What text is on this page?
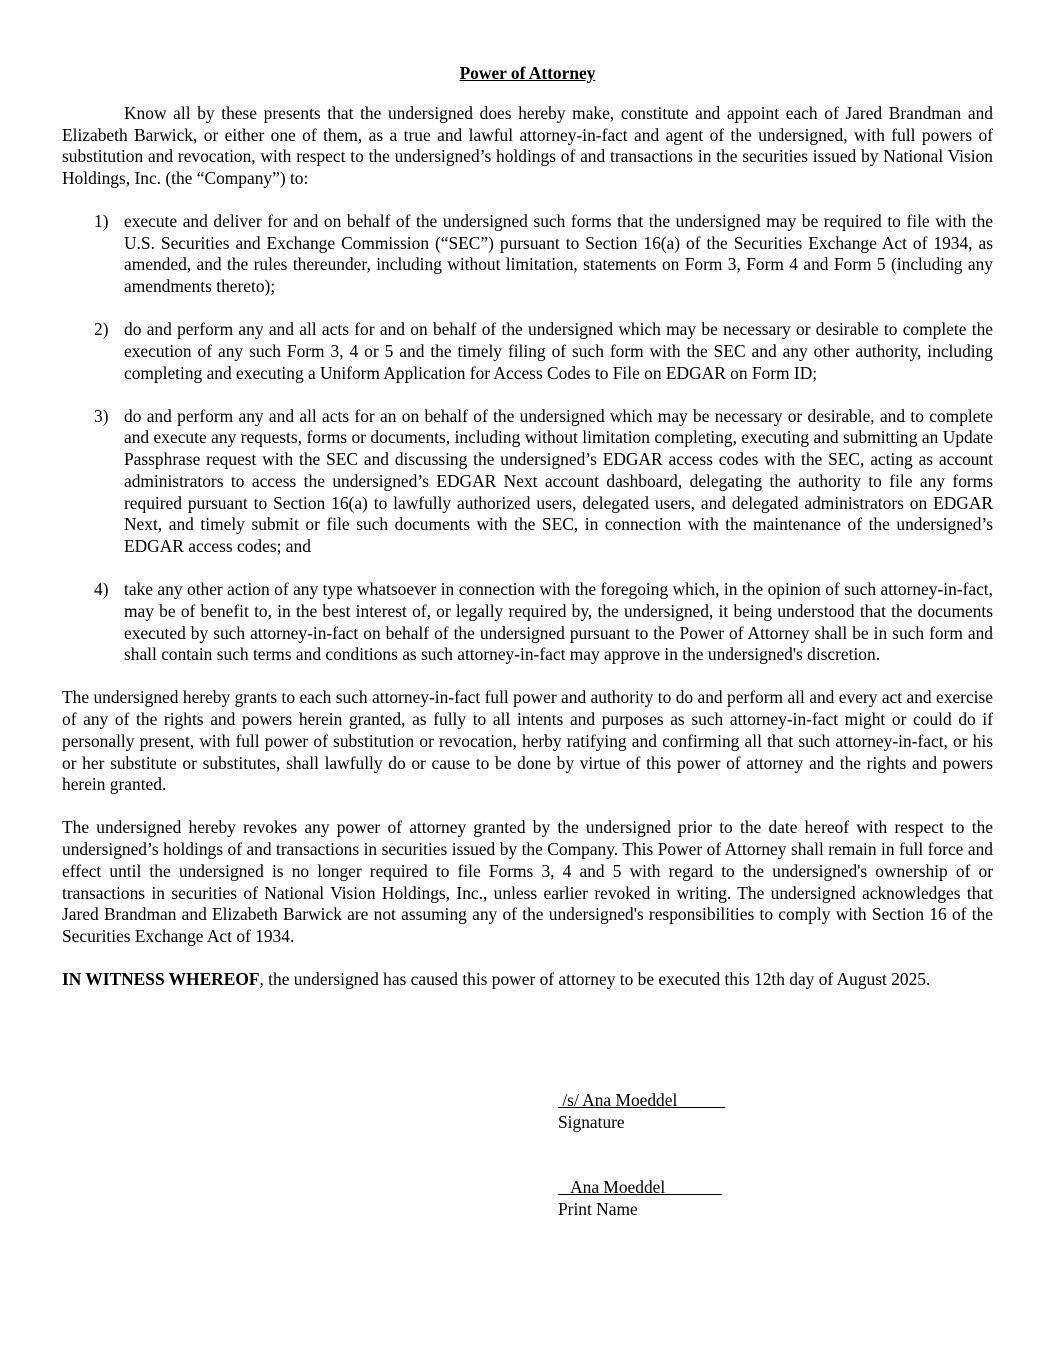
Power of Attorney

Know all by these presents that the undersigned does hereby make, constitute and appoint each of Jared Brandman and Elizabeth Barwick, or either one of them, as a true and lawful attorney-in-fact and agent of the undersigned, with full powers of substitution and revocation, with respect to the undersigned’s holdings of and transactions in the securities issued by National Vision Holdings, Inc. (the “Company”) to:

1) execute and deliver for and on behalf of the undersigned such forms that the undersigned may be required to file with the U.S. Securities and Exchange Commission (“SEC”) pursuant to Section 16(a) of the Securities Exchange Act of 1934, as amended, and the rules thereunder, including without limitation, statements on Form 3, Form 4 and Form 5 (including any amendments thereto);
2) do and perform any and all acts for and on behalf of the undersigned which may be necessary or desirable to complete the execution of any such Form 3, 4 or 5 and the timely filing of such form with the SEC and any other authority, including completing and executing a Uniform Application for Access Codes to File on EDGAR on Form ID;
3) do and perform any and all acts for an on behalf of the undersigned which may be necessary or desirable, and to complete and execute any requests, forms or documents, including without limitation completing, executing and submitting an Update Passphrase request with the SEC and discussing the undersigned’s EDGAR access codes with the SEC, acting as account administrators to access the undersigned’s EDGAR Next account dashboard, delegating the authority to file any forms required pursuant to Section 16(a) to lawfully authorized users, delegated users, and delegated administrators on EDGAR Next, and timely submit or file such documents with the SEC, in connection with the maintenance of the undersigned’s EDGAR access codes; and
4) take any other action of any type whatsoever in connection with the foregoing which, in the opinion of such attorney-in-fact, may be of benefit to, in the best interest of, or legally required by, the undersigned, it being understood that the documents executed by such attorney-in-fact on behalf of the undersigned pursuant to the Power of Attorney shall be in such form and shall contain such terms and conditions as such attorney-in-fact may approve in the undersigned's discretion.

The undersigned hereby grants to each such attorney-in-fact full power and authority to do and perform all and every act and exercise of any of the rights and powers herein granted, as fully to all intents and purposes as such attorney-in-fact might or could do if personally present, with full power of substitution or revocation, herby ratifying and confirming all that such attorney-in-fact, or his or her substitute or substitutes, shall lawfully do or cause to be done by virtue of this power of attorney and the rights and powers herein granted.

The undersigned hereby revokes any power of attorney granted by the undersigned prior to the date hereof with respect to the undersigned’s holdings of and transactions in securities issued by the Company. This Power of Attorney shall remain in full force and effect until the undersigned is no longer required to file Forms 3, 4 and 5 with regard to the undersigned's ownership of or transactions in securities of National Vision Holdings, Inc., unless earlier revoked in writing. The undersigned acknowledges that Jared Brandman and Elizabeth Barwick are not assuming any of the undersigned's responsibilities to comply with Section 16 of the Securities Exchange Act of 1934.

IN WITNESS WHEREOF, the undersigned has caused this power of attorney to be executed this 12th day of August 2025.

/s/ Ana Moeddel
Signature
Ana Moeddel
Print Name
